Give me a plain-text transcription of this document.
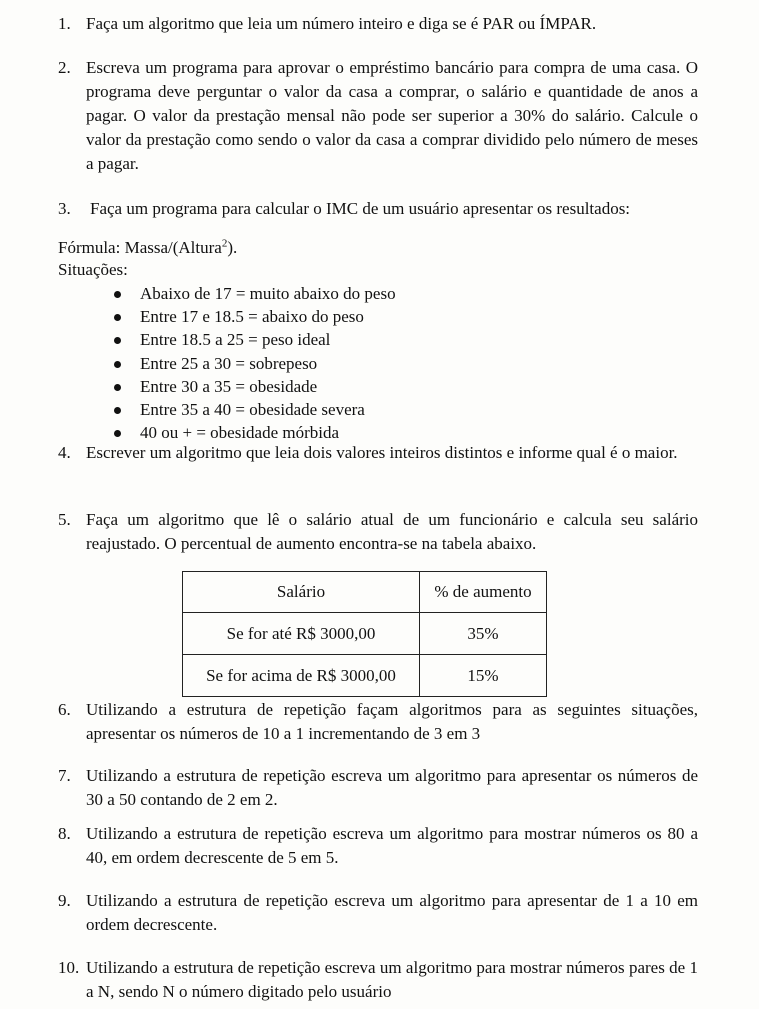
1. Faça um algoritmo que leia um número inteiro e diga se é PAR ou ÍMPAR.
2. Escreva um programa para aprovar o empréstimo bancário para compra de uma casa. O programa deve perguntar o valor da casa a comprar, o salário e quantidade de anos a pagar. O valor da prestação mensal não pode ser superior a 30% do salário. Calcule o valor da prestação como sendo o valor da casa a comprar dividido pelo número de meses a pagar.
3. Faça um programa para calcular o IMC de um usuário apresentar os resultados:
Fórmula: Massa/(Altura$^2$).
Situações:
Abaixo de 17 = muito abaixo do peso
Entre 17 e 18.5 = abaixo do peso
Entre 18.5 a 25 = peso ideal
Entre 25 a 30 = sobrepeso
Entre 30 a 35 = obesidade
Entre 35 a 40 = obesidade severa
40 ou + = obesidade mórbida
4. Escrever um algoritmo que leia dois valores inteiros distintos e informe qual é o maior.
5. Faça um algoritmo que lê o salário atual de um funcionário e calcula seu salário reajustado. O percentual de aumento encontra-se na tabela abaixo.
Salário	% de aumento
Se for até R$ 3000,00	35%
Se for acima de R$ 3000,00	15%
6. Utilizando a estrutura de repetição façam algoritmos para as seguintes situações, apresentar os números de 10 a 1 incrementando de 3 em 3
7. Utilizando a estrutura de repetição escreva um algoritmo para apresentar os números de 30 a 50 contando de 2 em 2.
8. Utilizando a estrutura de repetição escreva um algoritmo para mostrar números os 80 a 40, em ordem decrescente de 5 em 5.
9. Utilizando a estrutura de repetição escreva um algoritmo para apresentar de 1 a 10 em ordem decrescente.
10. Utilizando a estrutura de repetição escreva um algoritmo para mostrar números pares de 1 a N, sendo N o número digitado pelo usuário
